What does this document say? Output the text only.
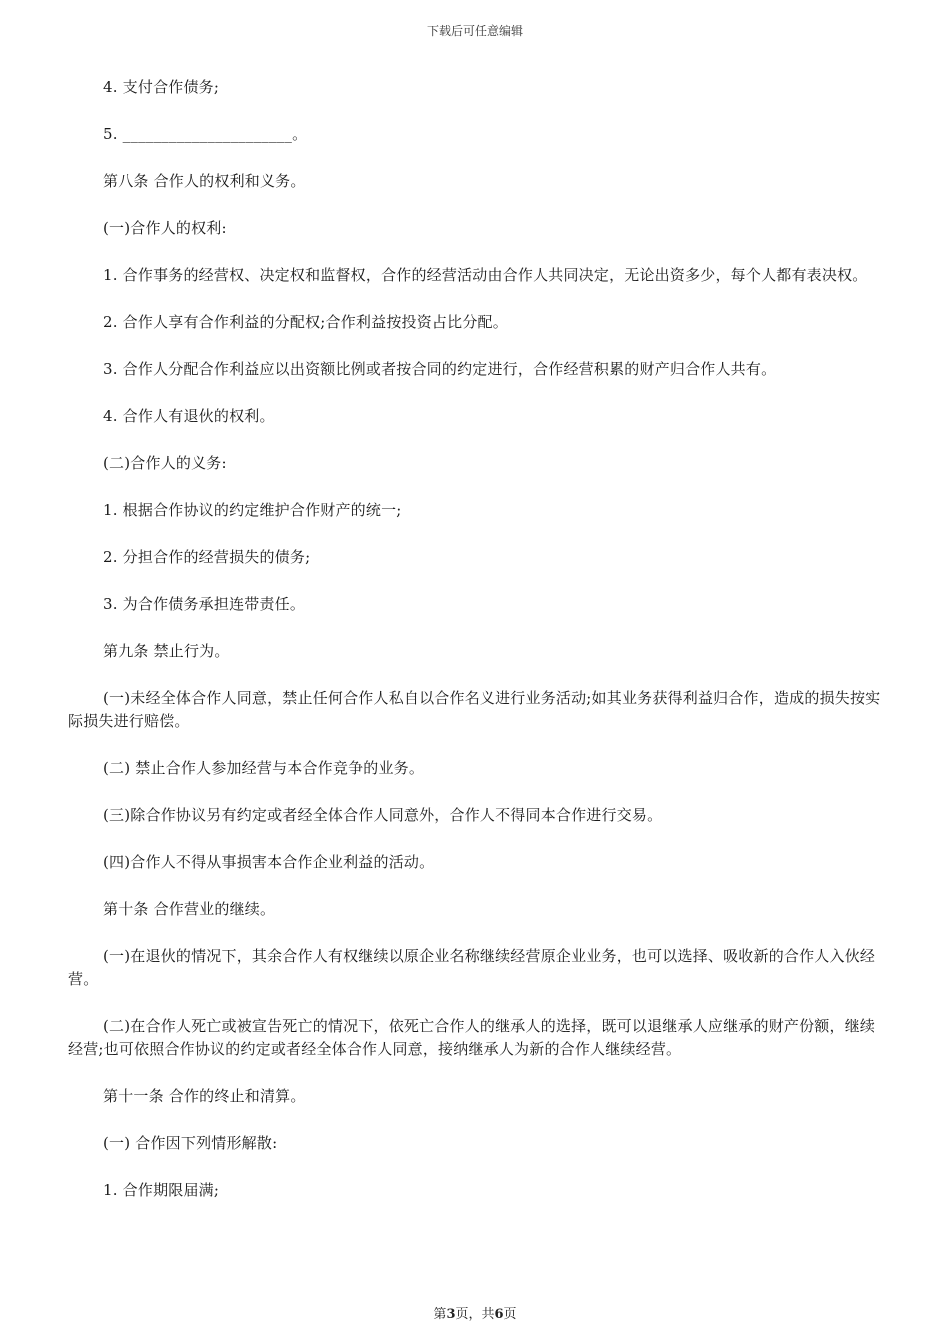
下载后可任意编辑

4. 支付合作债务;

5. ______________________。

第八条 合作人的权利和义务。

(一)合作人的权利:

1. 合作事务的经营权、决定权和监督权，合作的经营活动由合作人共同决定，无论出资多少，每个人都有表决权。

2. 合作人享有合作利益的分配权;合作利益按投资占比分配。

3. 合作人分配合作利益应以出资额比例或者按合同的约定进行，合作经营积累的财产归合作人共有。

4. 合作人有退伙的权利。

(二)合作人的义务:

1. 根据合作协议的约定维护合作财产的统一;

2. 分担合作的经营损失的债务;

3. 为合作债务承担连带责任。

第九条 禁止行为。

(一)未经全体合作人同意，禁止任何合作人私自以合作名义进行业务活动;如其业务获得利益归合作，造成的损失按实际损失进行赔偿。

(二) 禁止合作人参加经营与本合作竞争的业务。

(三)除合作协议另有约定或者经全体合作人同意外，合作人不得同本合作进行交易。

(四)合作人不得从事损害本合作企业利益的活动。

第十条 合作营业的继续。

(一)在退伙的情况下，其余合作人有权继续以原企业名称继续经营原企业业务，也可以选择、吸收新的合作人入伙经营。

(二)在合作人死亡或被宣告死亡的情况下，依死亡合作人的继承人的选择，既可以退继承人应继承的财产份额，继续经营;也可依照合作协议的约定或者经全体合作人同意，接纳继承人为新的合作人继续经营。

第十一条 合作的终止和清算。

(一) 合作因下列情形解散:

1. 合作期限届满;

第3页，共6页
